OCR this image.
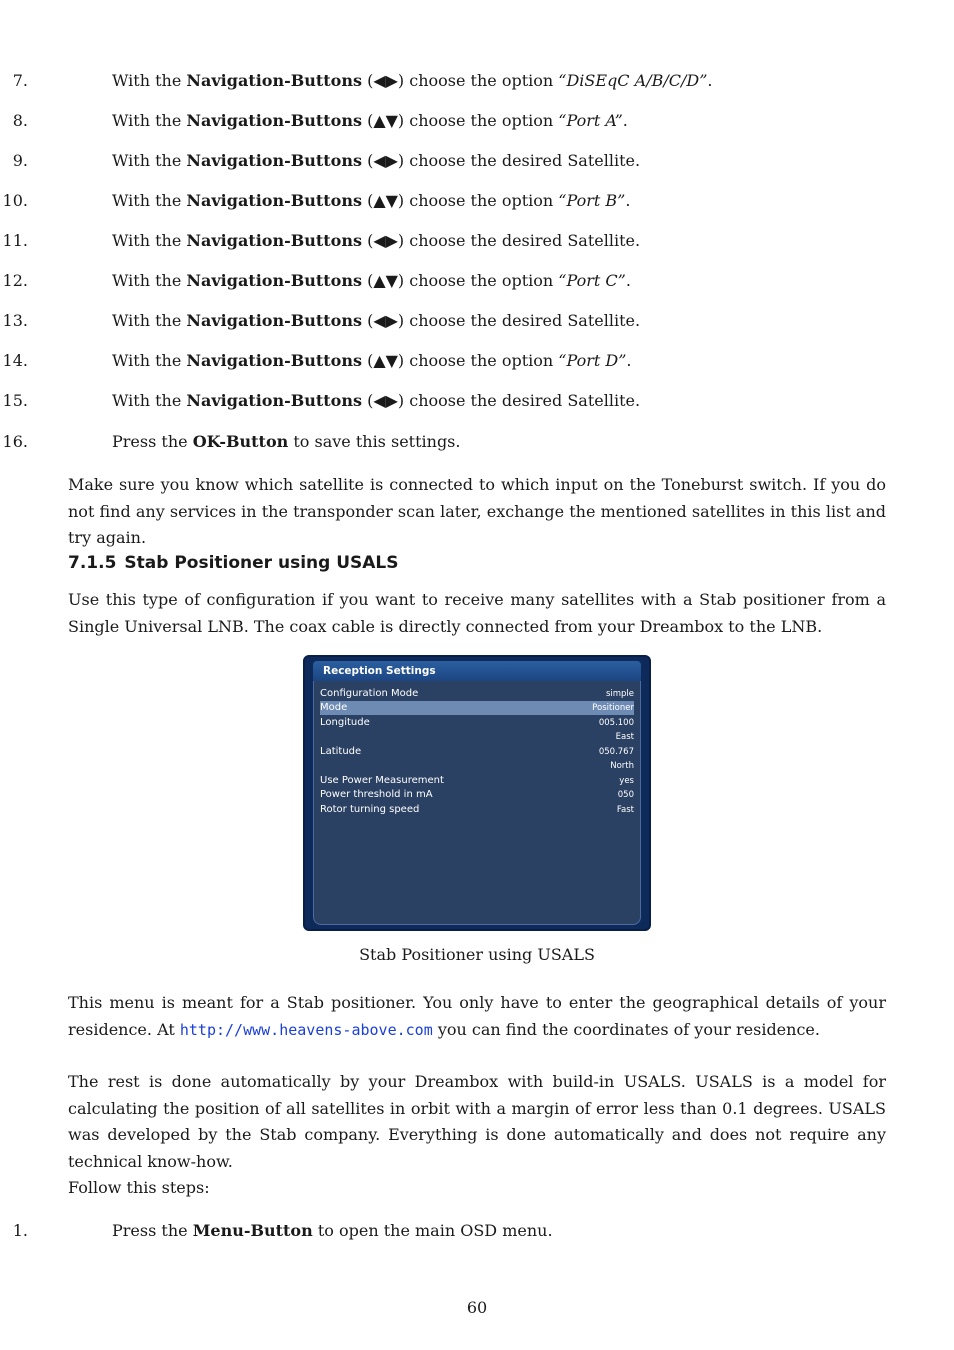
7.	With the Navigation-Buttons (◀▶) choose the option “DiSEqC A/B/C/D”.
8.	With the Navigation-Buttons (▲▼) choose the option “Port A”.
9.	With the Navigation-Buttons (◀▶) choose the desired Satellite.
10.	With the Navigation-Buttons (▲▼) choose the option “Port B”.
11.	With the Navigation-Buttons (◀▶) choose the desired Satellite.
12.	With the Navigation-Buttons (▲▼) choose the option “Port C”.
13.	With the Navigation-Buttons (◀▶) choose the desired Satellite.
14.	With the Navigation-Buttons (▲▼) choose the option “Port D”.
15.	With the Navigation-Buttons (◀▶) choose the desired Satellite.
16.	Press the OK-Button to save this settings.
Make sure you know which satellite is connected to which input on the Toneburst switch. If you do not find any services in the transponder scan later, exchange the mentioned satellites in this list and try again.
7.1.5 Stab Positioner using USALS
Use this type of configuration if you want to receive many satellites with a Stab positioner from a Single Universal LNB. The coax cable is directly connected from your Dreambox to the LNB.
Reception Settings
Configuration Mode	simple
Mode	Positioner
Longitude	005.100
East
Latitude	050.767
North
Use Power Measurement	yes
Power threshold in mA	050
Rotor turning speed	Fast
Stab Positioner using USALS
This menu is meant for a Stab positioner. You only have to enter the geographical details of your residence. At http://www.heavens-above.com you can find the coordinates of your residence.
The rest is done automatically by your Dreambox with build-in USALS. USALS is a model for calculating the position of all satellites in orbit with a margin of error less than 0.1 degrees. USALS was developed by the Stab company. Everything is done automatically and does not require any technical know-how.
Follow this steps:
1.	Press the Menu-Button to open the main OSD menu.
60
